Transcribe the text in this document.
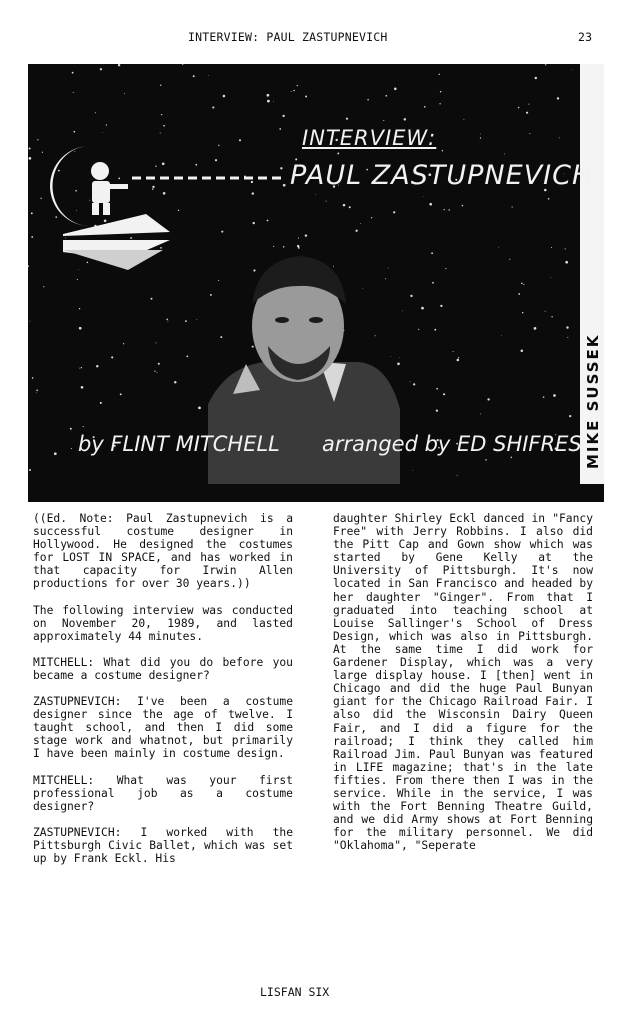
INTERVIEW: PAUL ZASTUPNEVICH	23
INTERVIEW:
PAUL ZASTUPNEVICH
by FLINT MITCHELL arranged by ED SHIFRES MIKE SUSSEK

((Ed. Note: Paul Zastupnevich is a successful costume designer in Hollywood. He designed the costumes for LOST IN SPACE, and has worked in that capacity for Irwin Allen productions for over 30 years.))

The following interview was conducted on November 20, 1989, and lasted approximately 44 minutes.

MITCHELL: What did you do before you became a costume designer?

ZASTUPNEVICH: I've been a costume designer since the age of twelve. I taught school, and then I did some stage work and whatnot, but primarily I have been mainly in costume design.

MITCHELL: What was your first professional job as a costume designer?

ZASTUPNEVICH: I worked with the Pittsburgh Civic Ballet, which was set up by Frank Eckl. His

daughter Shirley Eckl danced in "Fancy Free" with Jerry Robbins. I also did the Pitt Cap and Gown show which was started by Gene Kelly at the University of Pittsburgh. It's now located in San Francisco and headed by her daughter "Ginger". From that I graduated into teaching school at Louise Sallinger's School of Dress Design, which was also in Pittsburgh. At the same time I did work for Gardener Display, which was a very large display house. I [then] went in Chicago and did the huge Paul Bunyan giant for the Chicago Railroad Fair. I also did the Wisconsin Dairy Queen Fair, and I did a figure for the railroad; I think they called him Railroad Jim. Paul Bunyan was featured in LIFE magazine; that's in the late fifties. From there then I was in the service. While in the service, I was with the Fort Benning Theatre Guild, and we did Army shows at Fort Benning for the military personnel. We did "Oklahoma", "Seperate

LISFAN SIX
